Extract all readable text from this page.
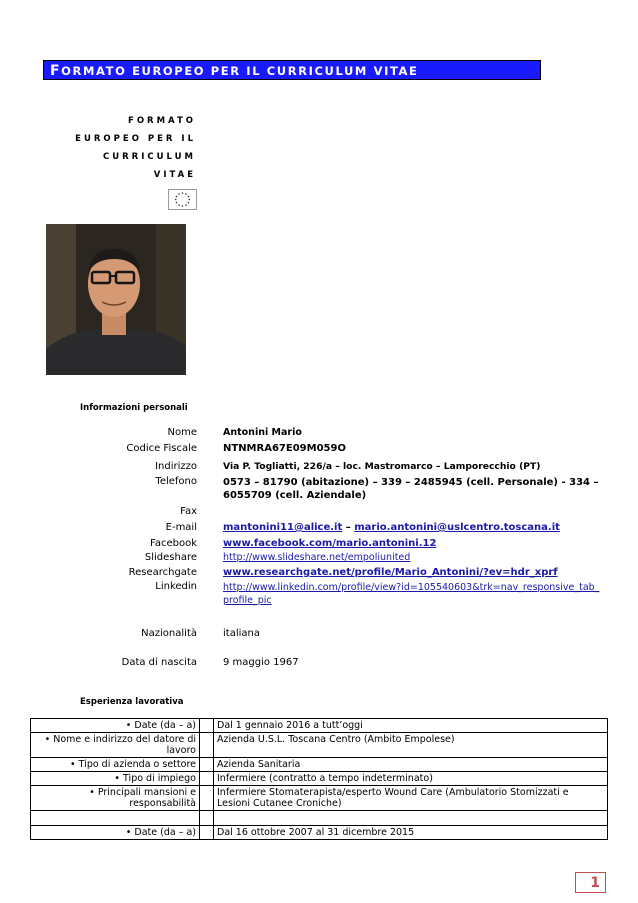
FORMATO EUROPEO PER IL CURRICULUM VITAE
FORMATO
EUROPEO PER IL
CURRICULUM
VITAE
Informazioni personali
Nome	Antonini Mario
Codice Fiscale	NTNMRA67E09M059O
Indirizzo	Via P. Togliatti, 226/a – loc. Mastromarco – Lamporecchio (PT)
Telefono	0573 – 81790 (abitazione) – 339 – 2485945 (cell. Personale) - 334 – 6055709 (cell. Aziendale)
Fax
E-mail	mantonini11@alice.it – mario.antonini@uslcentro.toscana.it
Facebook	www.facebook.com/mario.antonini.12
Slideshare	http://www.slideshare.net/empoliunited
Researchgate	www.researchgate.net/profile/Mario_Antonini/?ev=hdr_xprf
Linkedin	http://www.linkedin.com/profile/view?id=105540603&trk=nav_responsive_tab_profile_pic
Nazionalità	italiana
Data di nascita	9 maggio 1967
Esperienza lavorativa
• Date (da – a)		Dal 1 gennaio 2016 a tutt’oggi
• Nome e indirizzo del datore di lavoro		Azienda U.S.L. Toscana Centro (Ambito Empolese)
• Tipo di azienda o settore		Azienda Sanitaria
• Tipo di impiego		Infermiere (contratto a tempo indeterminato)
• Principali mansioni e responsabilità		Infermiere Stomaterapista/esperto Wound Care (Ambulatorio Stomizzati e Lesioni Cutanee Croniche)

• Date (da – a)		Dal 16 ottobre 2007 al 31 dicembre 2015
1
